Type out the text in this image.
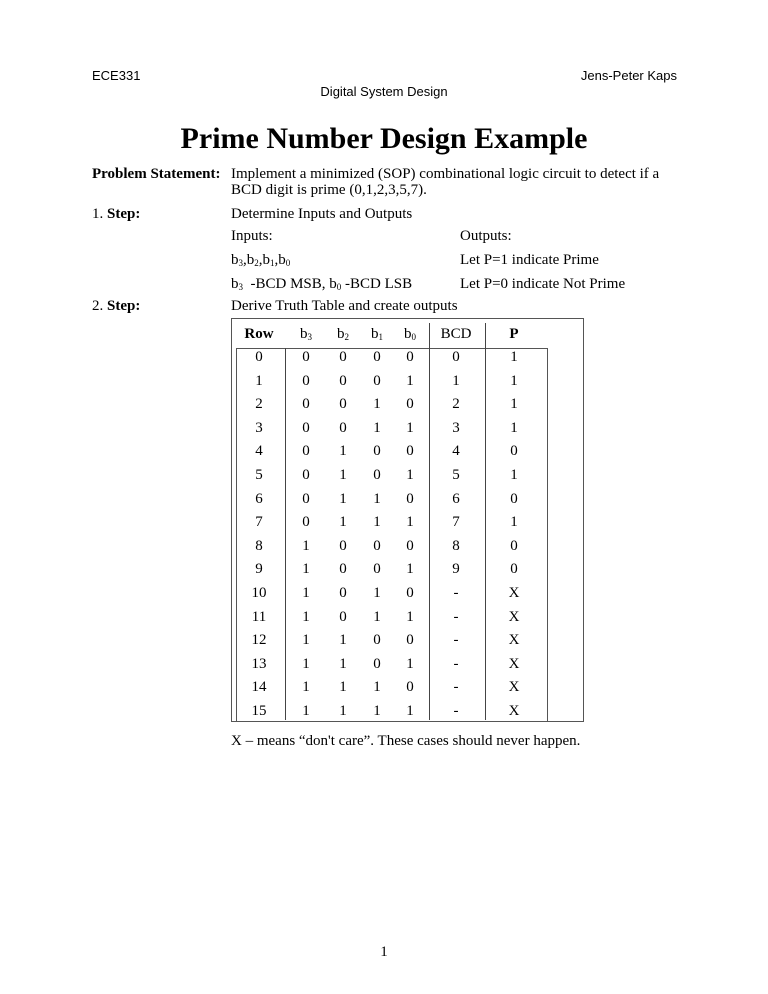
ECE331	Jens-Peter Kaps
Digital System Design
Prime Number Design Example
Problem Statement: Implement a minimized (SOP) combinational logic circuit to detect if a
BCD digit is prime (0,1,2,3,5,7).
1. Step:	Determine Inputs and Outputs
Inputs:	Outputs:
$b_3,b_2,b_1,b_0$	Let P=1 indicate Prime
$b_3$ -BCD MSB, $b_0$ -BCD LSB	Let P=0 indicate Not Prime
2. Step:	Derive Truth Table and create outputs
Row	$b_3$	$b_2$	$b_1$	$b_0$	BCD	P
0	0	0	0	0	0	1
1	0	0	0	1	1	1
2	0	0	1	0	2	1
3	0	0	1	1	3	1
4	0	1	0	0	4	0
5	0	1	0	1	5	1
6	0	1	1	0	6	0
7	0	1	1	1	7	1
8	1	0	0	0	8	0
9	1	0	0	1	9	0
10	1	0	1	0	-	X
11	1	0	1	1	-	X
12	1	1	0	0	-	X
13	1	1	0	1	-	X
14	1	1	1	0	-	X
15	1	1	1	1	-	X
X – means “don't care”. These cases should never happen.
1
